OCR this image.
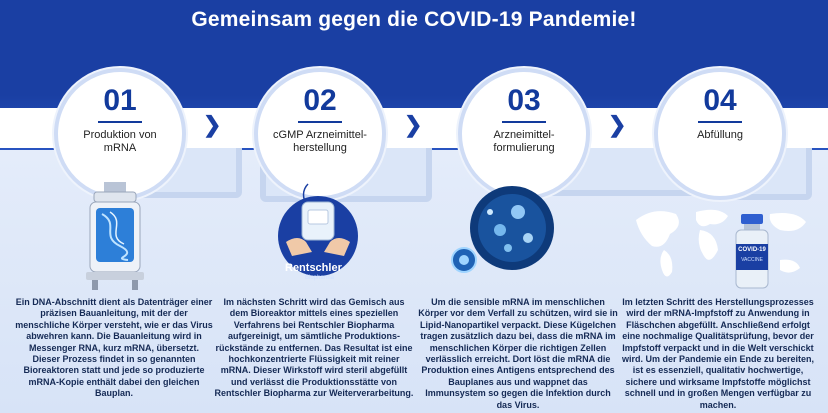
Gemeinsam gegen die COVID-19 Pandemie!
01
Produktion von mRNA
❯
02
cGMP Arzneimittel-herstellung
❯
03
Arzneimittel-formulierung
❯
04
Abfüllung
Rentschler
Biopharma
COVID-19
VACCINE
Ein DNA-Abschnitt dient als Datenträger einer präzisen Bauanleitung, mit der der menschliche Körper versteht, wie er das Virus abwehren kann. Die Bauanleitung wird in Messenger RNA, kurz mRNA, übersetzt. Dieser Prozess findet in so genannten Bioreaktoren statt und jede so produzierte mRNA-Kopie enthält dabei den gleichen Bauplan.
Im nächsten Schritt wird das Gemisch aus dem Bioreaktor mittels eines speziellen Verfahrens bei Rentschler Biopharma aufgereinigt, um sämtliche Produktions-rückstände zu entfernen. Das Resultat ist eine hochkonzentrierte Flüssigkeit mit reiner mRNA. Dieser Wirkstoff wird steril abgefüllt und verlässt die Produktionsstätte von Rentschler Biopharma zur Weiterverarbeitung.
Um die sensible mRNA im menschlichen Körper vor dem Verfall zu schützen, wird sie in Lipid-Nanopartikel verpackt. Diese Kügelchen tragen zusätzlich dazu bei, dass die mRNA im menschlichen Körper die richtigen Zellen verlässlich erreicht. Dort löst die mRNA die Produktion eines Antigens entsprechend des Bauplanes aus und wappnet das Immunsystem so gegen die Infektion durch das Virus.
Im letzten Schritt des Herstellungsprozesses wird der mRNA-Impfstoff zu Anwendung in Fläschchen abgefüllt. Anschließend erfolgt eine nochmalige Qualitätsprüfung, bevor der Impfstoff verpackt und in die Welt verschickt wird. Um der Pandemie ein Ende zu bereiten, ist es essenziell, qualitativ hochwertige, sichere und wirksame Impfstoffe möglichst schnell und in großen Mengen verfügbar zu machen.
